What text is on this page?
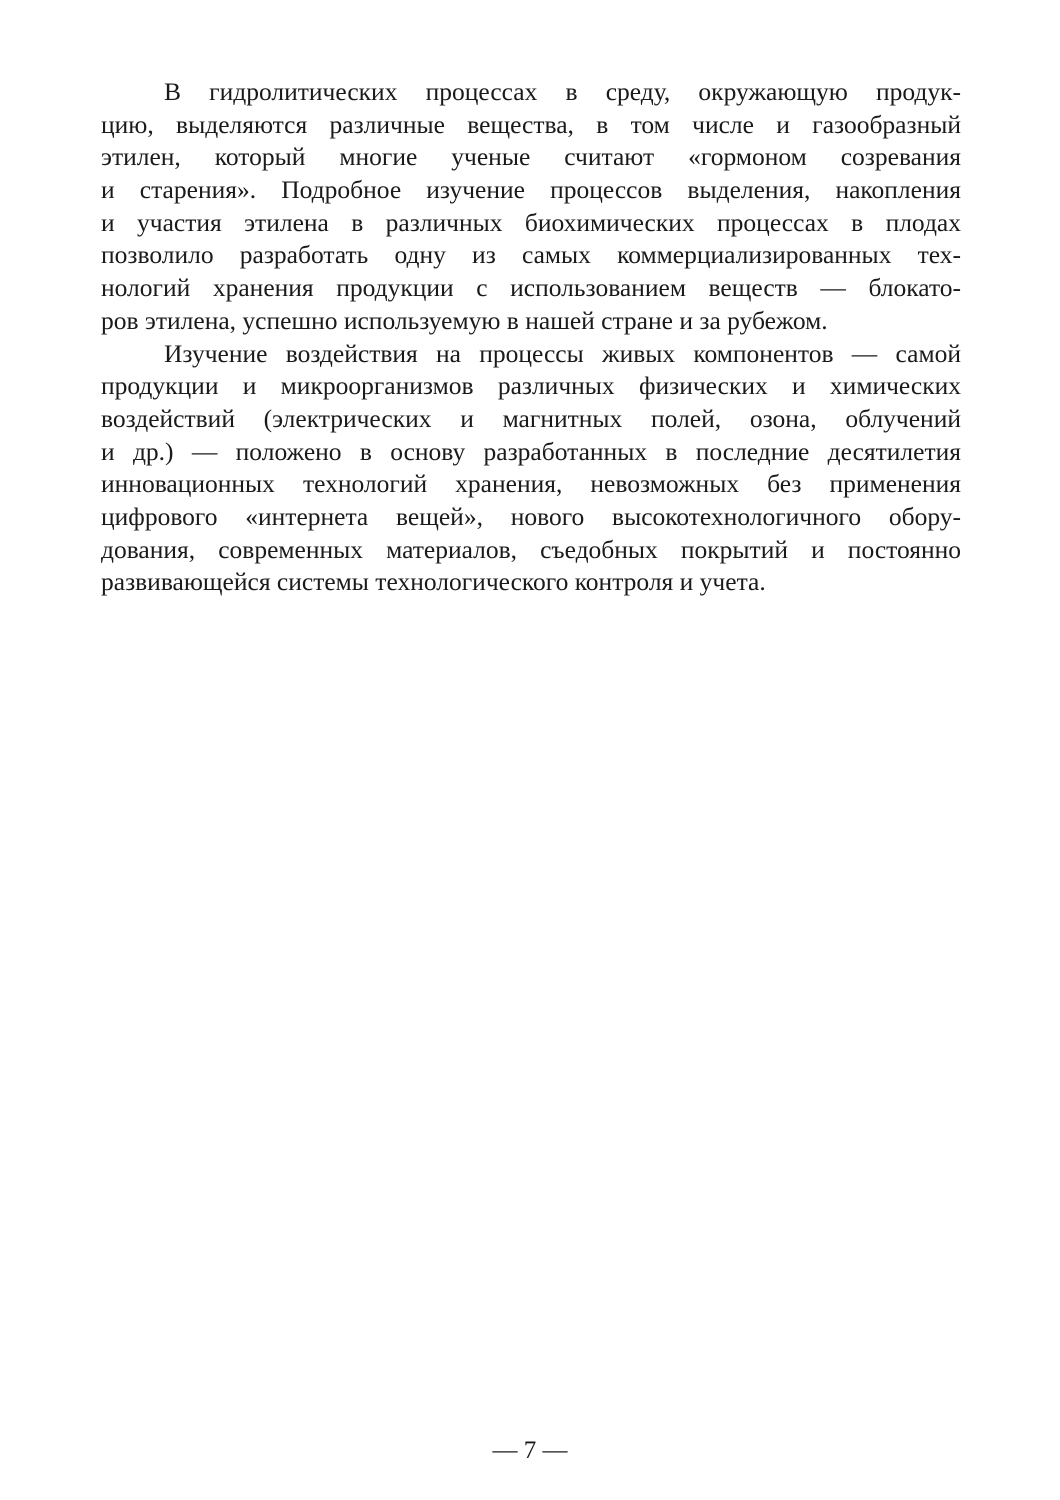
В гидролитических процессах в среду, окружающую продук-
цию, выделяются различные вещества, в том числе и газообразный
этилен, который многие ученые считают «гормоном созревания
и старения». Подробное изучение процессов выделения, накопления
и участия этилена в различных биохимических процессах в плодах
позволило разработать одну из самых коммерциализированных тех-
нологий хранения продукции с использованием веществ — блокато-
ров этилена, успешно используемую в нашей стране и за рубежом.
Изучение воздействия на процессы живых компонентов — самой
продукции и микроорганизмов различных физических и химических
воздействий (электрических и магнитных полей, озона, облучений
и др.) — положено в основу разработанных в последние десятилетия
инновационных технологий хранения, невозможных без применения
цифрового «интернета вещей», нового высокотехнологичного обору-
дования, современных материалов, съедобных покрытий и постоянно
развивающейся системы технологического контроля и учета.
— 7 —
